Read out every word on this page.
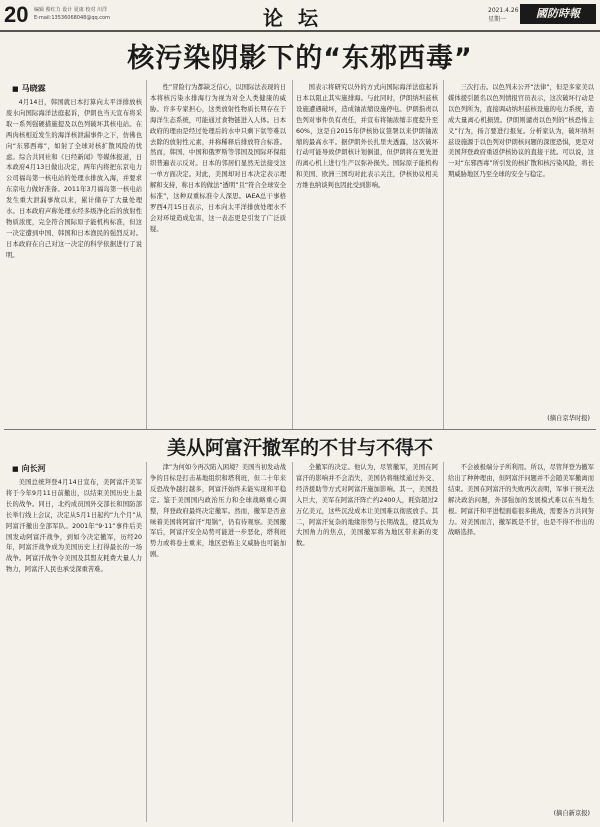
20 编辑 蔡红力 设计 夏康 校对 川洋
E-mail:13536068048@qq.com	论 坛	2021.4.26
星期一	國防時報
核污染阴影下的“东邪西毒”
■ 马晓霖

4月14日，韩国就日本打算向太平洋排放核废水向国际海洋法庭起诉，伊朗也当天宣布将采取一系列强硬措施提及以色列破坏其核电站。在两肉核相近发生的海洋核泄漏事件之下，仿佛也向“东邪西毒”，如射了全球对核扩散风险的忧虑。综合共同社和《日经新闻》等媒体报道，日本政府4月13日做出决定，两年内将把东京电力公司福岛第一核电站的处理水排放入海，并要求东京电力做好准备。2011年3月福岛第一核电站发生重大泄漏事故以来，累计储存了大量处理水。日本政府声称处理水经多级净化后的放射性物质浓度，完全符合国际原子能机构标准，但这一决定遭到中国、韩国和日本渔民的强烈反对。日本政府在自己对这一决定的科学依据进行了说明。

性”冒险行为都缺乏信心，以国际法表现的日本将核污染水排海行为视为对全人类健康的威胁。许多专家担心，这类放射性物质长期存在于海洋生态系统，可能通过食物链进入人体。日本政府的理由是经过处理后的水中只剩下氚等难以去除的放射性元素，并称稀释后排放符合标准。然而，韩国、中国和俄罗斯等邻国及国际环保组织普遍表示反对。日本的邻居们显然无法接受这一单方面决定。对此，美国却对日本决定表示理解和支持，称日本的做法“透明”且“符合全球安全标准”，这种双重标准令人深思。IAEA总干事格罗西4月15日表示，日本向太平洋排放处理水不会对环境造成危害，这一表态更是引发了广泛质疑。

国表示将研究以外的方式向国际海洋法庭起诉日本以阻止其实施排海。与此同时，伊朗纳坦兹核设施遭遇破坏，造成铀浓缩设施停电。伊朗指责以色列对事件负有责任，并宣布将铀浓缩丰度提升至60%，这是自2015年伊核协议签署以来伊朗铀浓缩的最高水平。据伊朗外长扎里夫透露，这次破坏行动可能导致伊朗核计划倒退，但伊朗将在更先进的离心机上进行生产以弥补损失。国际原子能机构和美国、欧洲三国均对此表示关注，伊核协议相关方维也纳谈判也因此受到影响。

三次打击。以色列未公开“法律”，但是多家美以媒体援引匿名以色列情报官员表示，这次破坏行动是以色列所为，直接调动纳坦兹核设施的电力系统，造成大量离心机损毁。伊朗则谴责以色列的“核恐怖主义”行为，扬言要进行报复。分析家认为，破坏纳坦兹设施源于以色列对伊朗核问题的深度恐惧，更是对美国拜登政府重返伊核协议的直接干扰。可以说，这一对“东邪西毒”所引发的核扩散和核污染风险，将长期威胁地区乃至全球的安全与稳定。

(摘自京华时报)
美从阿富汗撤军的不甘与不得不
■ 向长河

美国总统拜登4月14日宣布，美阿富汗美军将于今年9月11日前撤出，以结束美国历史上最长的战争。同日，北约成员国外交部长和国防部长举行线上会议，决定从5月1日起约“九个月”从阿富汗撤出全部军队。2001年“9·11”事件后美国发动阿富汗战争，到如今决定撤军，历经20年，阿富汗战争成为美国历史上打得最长的一场战争。阿富汗战争令美国及其盟友耗费大量人力物力，阿富汗人民也承受深重苦难。

津”为何如今再次陷入困境？美国当初发动战争的目标是打击基地组织和塔利班，但二十年来反恐战争越打越多，阿富汗始终未能实现和平稳定。鉴于美国国内政治压力和全球战略重心调整，拜登政府最终决定撤军。然而，撤军是否意味着美国将阿富汗“甩锅”，仍有待观察。美国撤军后，阿富汗安全局势可能进一步恶化，塔利班势力或将卷土重来，地区恐怖主义威胁也可能加剧。

全撤军的决定。他认为，尽管撤军，美国在阿富汗的影响并不会消失，美国仍将继续通过外交、经济援助等方式对阿富汗施加影响。其一，美国投入巨大，美军在阿富汗阵亡约2400人，耗资超过2万亿美元，这些沉没成本让美国难以彻底放手。其二，阿富汗复杂的地缘形势与长期战乱，使其成为大国角力的焦点，美国撤军将为地区带来新的变数。

不会被极端分子所利用。所以，尽管拜登为撤军给出了种种理由，但阿富汗问题并不会随美军撤离而结束。美国在阿富汗的失败再次表明，军事干预无法解决政治问题，外部强加的发展模式难以在当地生根。阿富汗和平进程面临很多挑战，需要各方共同努力。对美国而言，撤军既是不甘，也是不得不作出的战略选择。

(摘自新京报)
